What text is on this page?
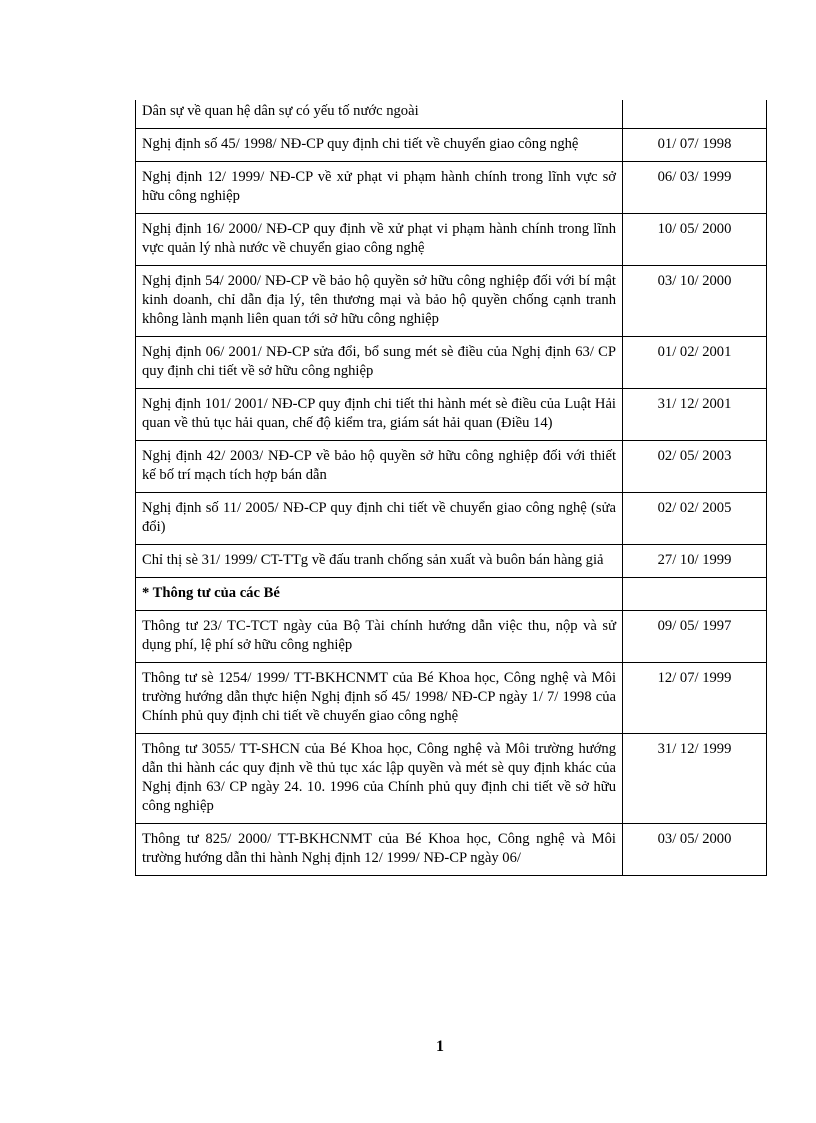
Dân sự về quan hệ dân sự có yếu tố nước ngoài	
Nghị định số 45/ 1998/ NĐ-CP quy định chi tiết về chuyển giao công nghệ	01/ 07/ 1998
Nghị định 12/ 1999/ NĐ-CP về xử phạt vi phạm hành chính trong lĩnh vực sở hữu công nghiệp	06/ 03/ 1999
Nghị định 16/ 2000/ NĐ-CP quy định về xử phạt vi phạm hành chính trong lĩnh vực quản lý nhà nước về chuyển giao công nghệ	10/ 05/ 2000
Nghị định 54/ 2000/ NĐ-CP về bảo hộ quyền sở hữu công nghiệp đối với bí mật kinh doanh, chỉ dẫn địa lý, tên thương mại và bảo hộ quyền chống cạnh tranh không lành mạnh liên quan tới sở hữu công nghiệp	03/ 10/ 2000
Nghị định 06/ 2001/ NĐ-CP sửa đổi, bổ sung mét sè điều của Nghị định 63/ CP quy định chi tiết về sở hữu công nghiệp	01/ 02/ 2001
Nghị định 101/ 2001/ NĐ-CP quy định chi tiết thi hành mét sè điều của Luật Hải quan về thủ tục hải quan, chế độ kiểm tra, giám sát hải quan (Điều 14)	31/ 12/ 2001
Nghị định 42/ 2003/ NĐ-CP về bảo hộ quyền sở hữu công nghiệp đối với thiết kế bố trí mạch tích hợp bán dẫn	02/ 05/ 2003
Nghị định số 11/ 2005/ NĐ-CP quy định chi tiết về chuyển giao công nghệ (sửa đổi)	02/ 02/ 2005
Chỉ thị sè 31/ 1999/ CT-TTg về đấu tranh chống sản xuất và buôn bán hàng giả	27/ 10/ 1999
* Thông tư của các Bé	
Thông tư 23/ TC-TCT ngày của Bộ Tài chính hướng dẫn việc thu, nộp và sử dụng phí, lệ phí sở hữu công nghiệp	09/ 05/ 1997
Thông tư sè 1254/ 1999/ TT-BKHCNMT của Bé Khoa học, Công nghệ và Môi trường hướng dẫn thực hiện Nghị định số 45/ 1998/ NĐ-CP ngày 1/ 7/ 1998 của Chính phủ quy định chi tiết về chuyển giao công nghệ	12/ 07/ 1999
Thông tư 3055/ TT-SHCN của Bé Khoa học, Công nghệ và Môi trường hướng dẫn thi hành các quy định về thủ tục xác lập quyền và mét sè quy định khác của Nghị định 63/ CP ngày 24. 10. 1996 của Chính phủ quy định chi tiết về sở hữu công nghiệp	31/ 12/ 1999
Thông tư 825/ 2000/ TT-BKHCNMT của Bé Khoa học, Công nghệ và Môi trường hướng dẫn thi hành Nghị định 12/ 1999/ NĐ-CP ngày 06/	03/ 05/ 2000
1
